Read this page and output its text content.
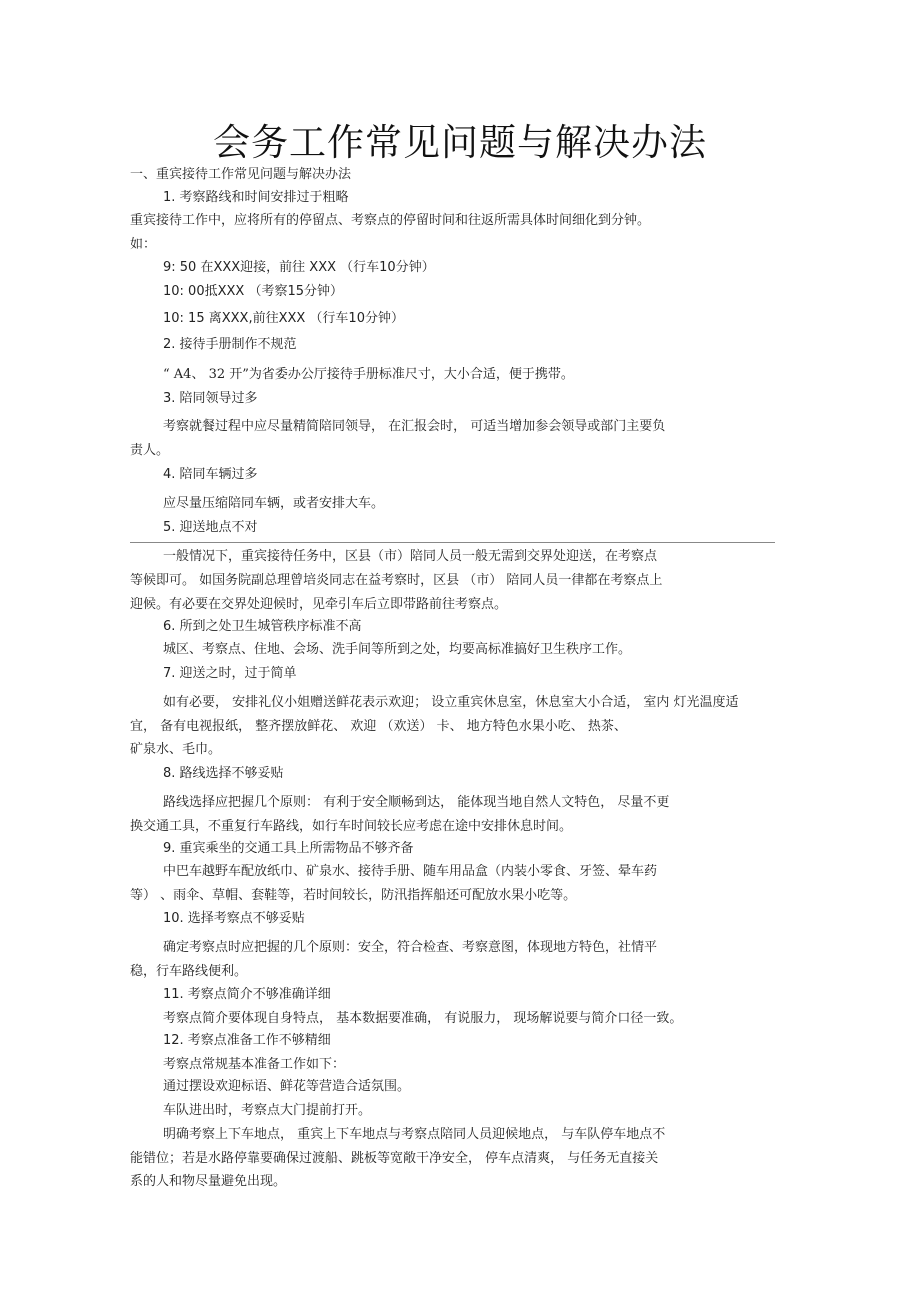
会务工作常见问题与解决办法
一、重宾接待工作常见问题与解决办法
1. 考察路线和时间安排过于粗略
重宾接待工作中，应将所有的停留点、考察点的停留时间和往返所需具体时间细化到分钟。
如：
9: 50 在XXX迎接，前往 XXX （行车10分钟）
10: 00抵XXX （考察15分钟）
10: 15 离XXX,前往XXX （行车10分钟）
2. 接待手册制作不规范
“ A4、 32 开”为省委办公厅接待手册标准尺寸，大小合适，便于携带。
3. 陪同领导过多
考察就餐过程中应尽量精简陪同领导， 在汇报会时， 可适当增加参会领导或部门主要负
责人。
4. 陪同车辆过多
应尽量压缩陪同车辆，或者安排大车。
5. 迎送地点不对
一般情况下，重宾接待任务中，区县（市）陪同人员一般无需到交界处迎送，在考察点
等候即可。 如国务院副总理曾培炎同志在益考察时，区县 （市） 陪同人员一律都在考察点上
迎候。有必要在交界处迎候时，见牵引车后立即带路前往考察点。
6. 所到之处卫生城管秩序标准不高
城区、考察点、住地、会场、洗手间等所到之处，均要高标准搞好卫生秩序工作。
7. 迎送之时，过于简单
如有必要， 安排礼仪小姐赠送鲜花表示欢迎； 设立重宾休息室，休息室大小合适， 室内 灯光温度适
宜， 备有电视报纸， 整齐摆放鲜花、 欢迎 （欢送） 卡、 地方特色水果小吃、 热茶、
矿泉水、毛巾。
8. 路线选择不够妥贴
路线选择应把握几个原则： 有利于安全顺畅到达， 能体现当地自然人文特色， 尽量不更
换交通工具，不重复行车路线，如行车时间较长应考虑在途中安排休息时间。
9. 重宾乘坐的交通工具上所需物品不够齐备
中巴车越野车配放纸巾、矿泉水、接待手册、随车用品盒（内装小零食、牙签、晕车药
等） 、雨伞、草帽、套鞋等，若时间较长，防汛指挥船还可配放水果小吃等。
10. 选择考察点不够妥贴
确定考察点时应把握的几个原则：安全，符合检查、考察意图，体现地方特色，社情平
稳，行车路线便利。
11. 考察点简介不够准确详细
考察点简介要体现自身特点， 基本数据要准确， 有说服力， 现场解说要与简介口径一致。
12. 考察点准备工作不够精细
考察点常规基本准备工作如下：
通过摆设欢迎标语、鲜花等营造合适氛围。
车队进出时，考察点大门提前打开。
明确考察上下车地点， 重宾上下车地点与考察点陪同人员迎候地点， 与车队停车地点不
能错位；若是水路停靠要确保过渡船、跳板等宽敞干净安全， 停车点清爽， 与任务无直接关
系的人和物尽量避免出现。
